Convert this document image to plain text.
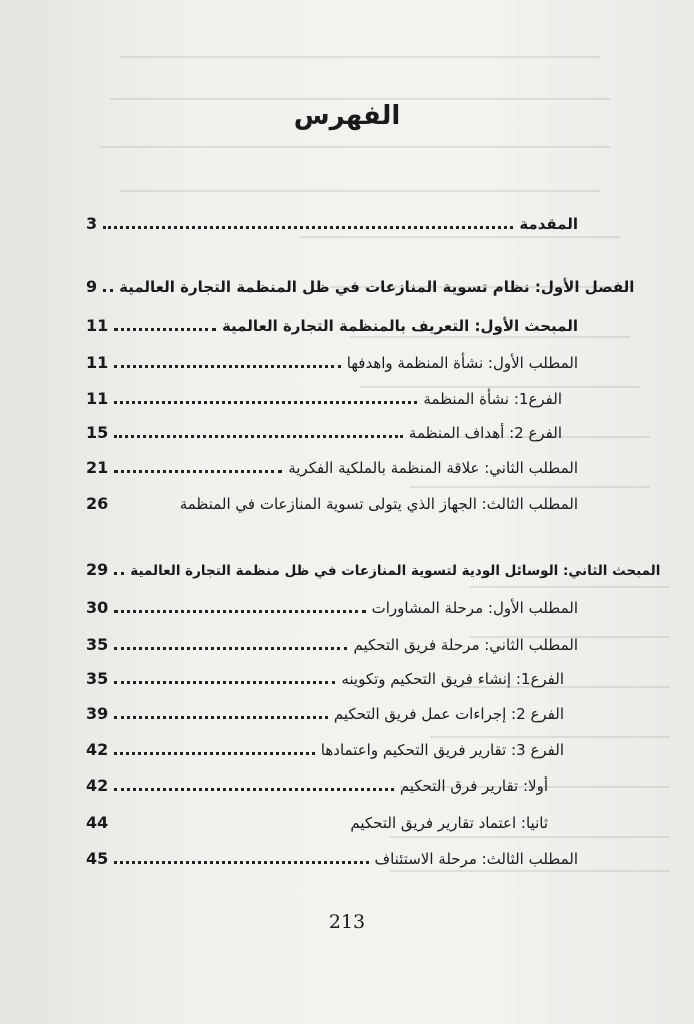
الفهرس
3	المقدمة
9 الفصل الأول: نظام تسوية المنازعات في ظل المنظمة التجارة العالمية
11	المبحث الأول: التعريف بالمنظمة التجارة العالمية
11	المطلب الأول: نشأة المنظمة واهدفها
11	الفرع1: نشأة المنظمة
15	الفرع 2: أهداف المنظمة
21	المطلب الثاني: علاقة المنظمة بالملكية الفكرية
26	المطلب الثالث: الجهاز الذي يتولى تسوية المنازعات في المنظمة
29 المبحث الثاني: الوسائل الودية لتسوية المنازعات في ظل منظمة التجارة العالمية
30	المطلب الأول: مرحلة المشاورات
35	المطلب الثاني: مرحلة فريق التحكيم
35	الفرع1: إنشاء فريق التحكيم وتكوينه
39	الفرع 2: إجراءات عمل فريق التحكيم
42	الفرع 3: تقارير فريق التحكيم واعتمادها
42	أولا: تقارير فرق التحكيم
44	ثانيا: اعتماد تقارير فريق التحكيم
45	المطلب الثالث: مرحلة الاستئناف
213
